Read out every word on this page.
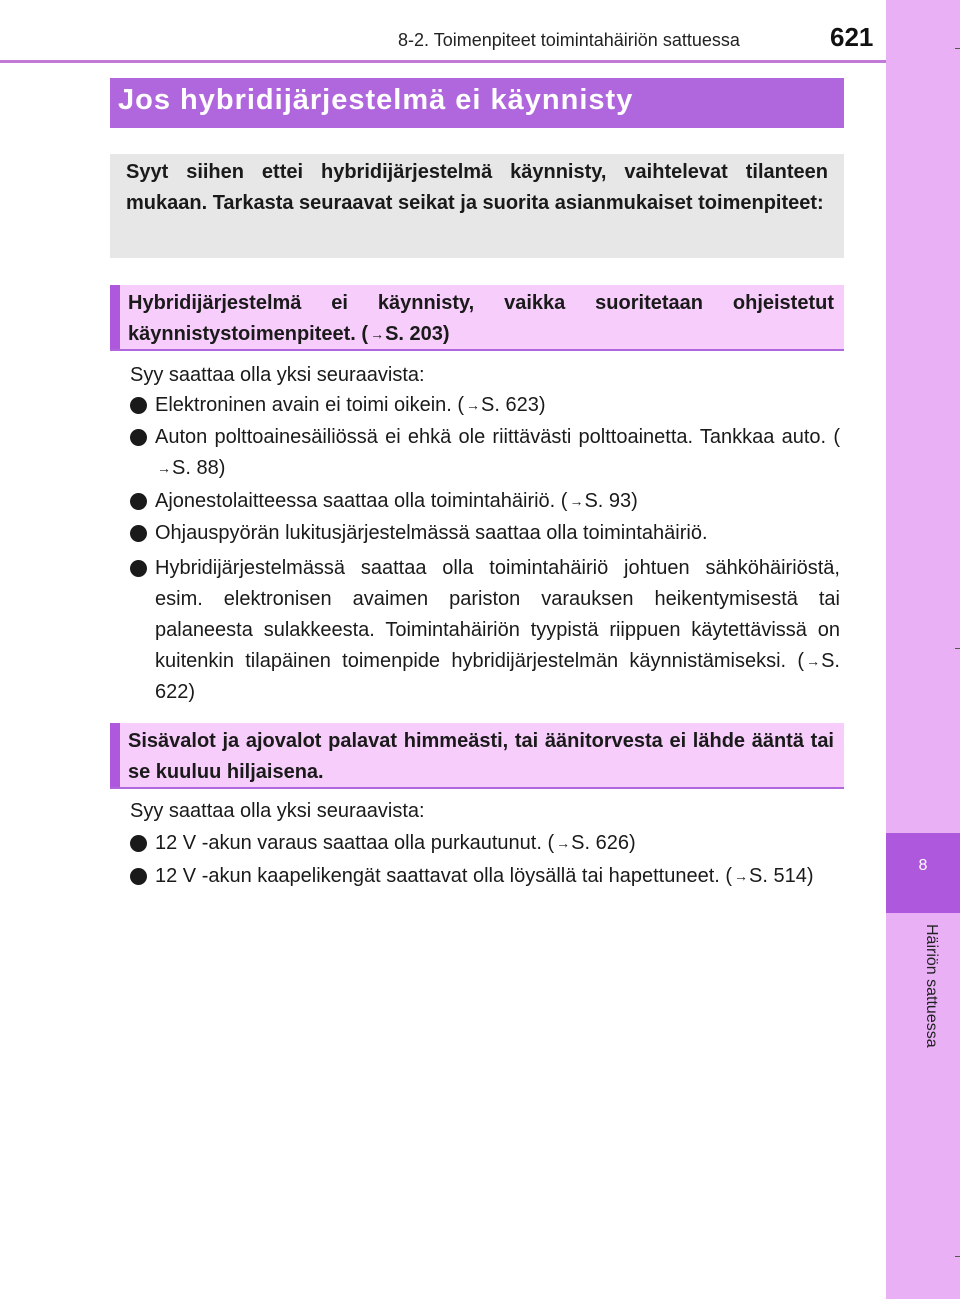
8-2. Toimenpiteet toimintahäiriön sattuessa	621
8
Häiriön sattuessa
Jos hybridijärjestelmä ei käynnisty

Syyt siihen ettei hybridijärjestelmä käynnisty, vaihtelevat tilanteen mukaan. Tarkasta seuraavat seikat ja suorita asianmukaiset toimenpiteet:

Hybridijärjestelmä ei käynnisty, vaikka suoritetaan ohjeistetut käynnistystoimenpiteet. ( →S. 203)

Syy saattaa olla yksi seuraavista:
Elektroninen avain ei toimi oikein. ( →S. 623)
Auton polttoainesäiliössä ei ehkä ole riittävästi polttoainetta. Tankkaa auto. (→S. 88)
Ajonestolaitteessa saattaa olla toimintahäiriö. ( →S. 93)
Ohjauspyörän lukitusjärjestelmässä saattaa olla toimintahäiriö.
Hybridijärjestelmässä saattaa olla toimintahäiriö johtuen sähköhäiriöstä, esim. elektronisen avaimen pariston varauksen heikentymisestä tai palaneesta sulakkeesta. Toimintahäiriön tyypistä riippuen käytettävissä on kuitenkin tilapäinen toimenpide hybridijärjestelmän käynnistämiseksi. ( →S. 622)

Sisävalot ja ajovalot palavat himmeästi, tai äänitorvesta ei lähde ääntä tai se kuuluu hiljaisena.

Syy saattaa olla yksi seuraavista:
12 V -akun varaus saattaa olla purkautunut. ( →S. 626)
12 V -akun kaapelikengät saattavat olla löysällä tai hapettuneet. ( →S. 514)
